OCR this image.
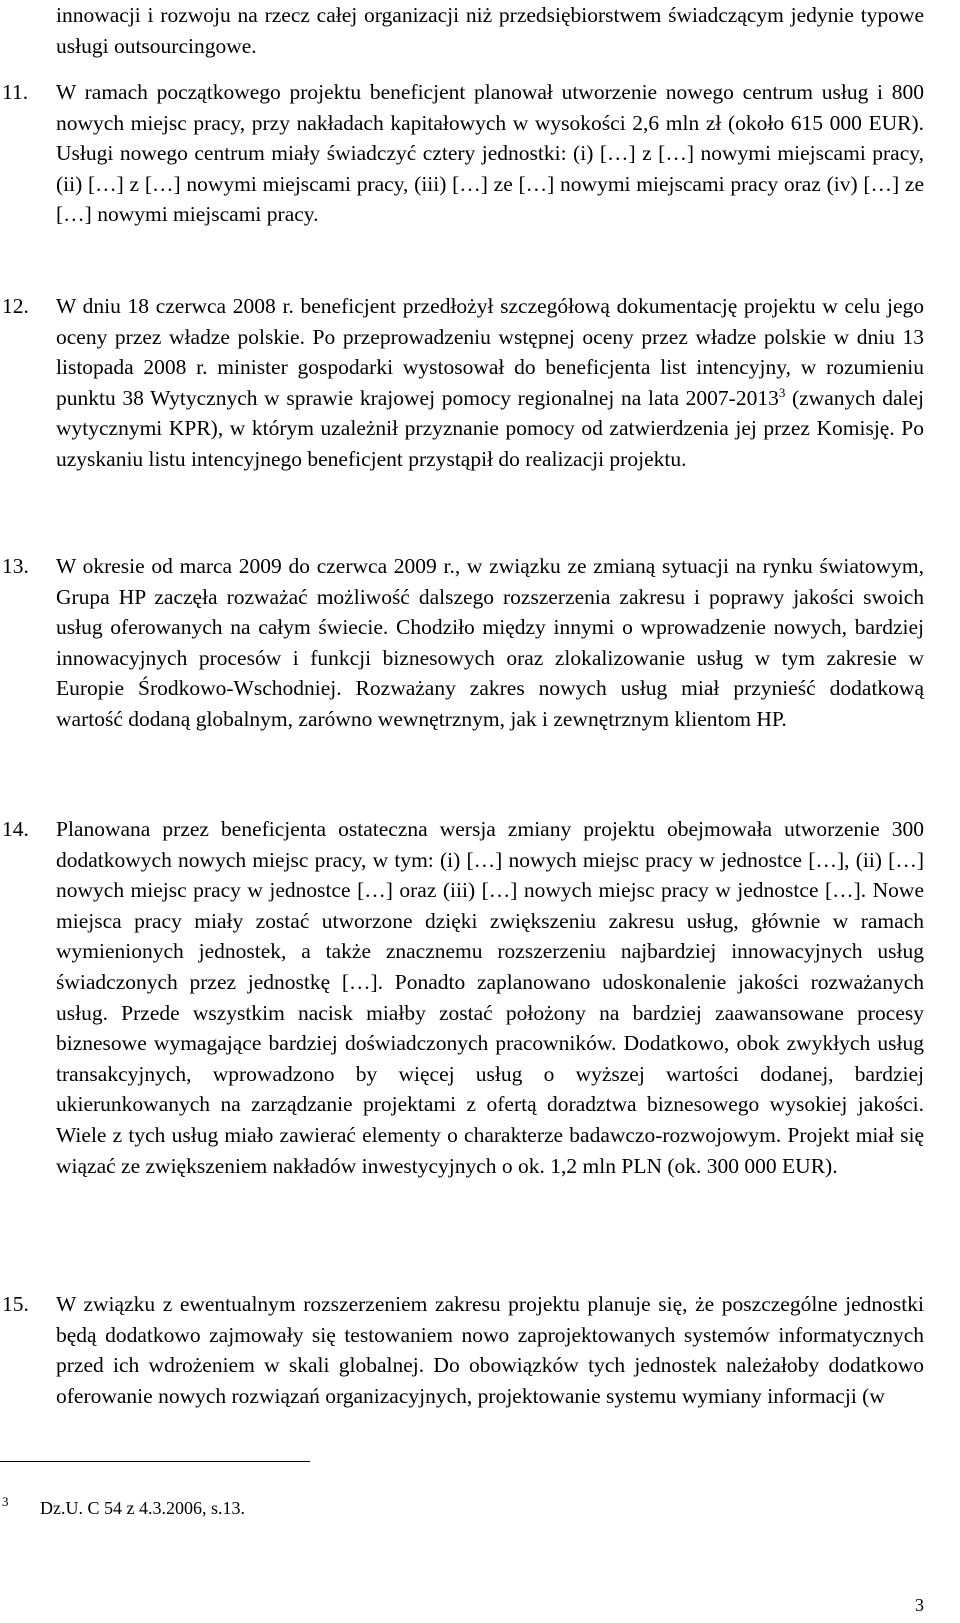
innowacji i rozwoju na rzecz całej organizacji niż przedsiębiorstwem świadczącym jedynie typowe usługi outsourcingowe.
11.	W ramach początkowego projektu beneficjent planował utworzenie nowego centrum usług i 800 nowych miejsc pracy, przy nakładach kapitałowych w wysokości 2,6 mln zł (około 615 000 EUR). Usługi nowego centrum miały świadczyć cztery jednostki: (i) […] z […] nowymi miejscami pracy, (ii) […] z […] nowymi miejscami pracy, (iii) […] ze […] nowymi miejscami pracy oraz (iv) […] ze […] nowymi miejscami pracy.
12.	W dniu 18 czerwca 2008 r. beneficjent przedłożył szczegółową dokumentację projektu w celu jego oceny przez władze polskie. Po przeprowadzeniu wstępnej oceny przez władze polskie w dniu 13 listopada 2008 r. minister gospodarki wystosował do beneficjenta list intencyjny, w rozumieniu punktu 38 Wytycznych w sprawie krajowej pomocy regionalnej na lata 2007-2013$^3$ (zwanych dalej wytycznymi KPR), w którym uzależnił przyznanie pomocy od zatwierdzenia jej przez Komisję. Po uzyskaniu listu intencyjnego beneficjent przystąpił do realizacji projektu.
13.	W okresie od marca 2009 do czerwca 2009 r., w związku ze zmianą sytuacji na rynku światowym, Grupa HP zaczęła rozważać możliwość dalszego rozszerzenia zakresu i poprawy jakości swoich usług oferowanych na całym świecie. Chodziło między innymi o wprowadzenie nowych, bardziej innowacyjnych procesów i funkcji biznesowych oraz zlokalizowanie usług w tym zakresie w Europie Środkowo-Wschodniej. Rozważany zakres nowych usług miał przynieść dodatkową wartość dodaną globalnym, zarówno wewnętrznym, jak i zewnętrznym klientom HP.
14.	Planowana przez beneficjenta ostateczna wersja zmiany projektu obejmowała utworzenie 300 dodatkowych nowych miejsc pracy, w tym: (i) […] nowych miejsc pracy w jednostce […], (ii) […] nowych miejsc pracy w jednostce […] oraz (iii) […] nowych miejsc pracy w jednostce […]. Nowe miejsca pracy miały zostać utworzone dzięki zwiększeniu zakresu usług, głównie w ramach wymienionych jednostek, a także znacznemu rozszerzeniu najbardziej innowacyjnych usług świadczonych przez jednostkę […]. Ponadto zaplanowano udoskonalenie jakości rozważanych usług. Przede wszystkim nacisk miałby zostać położony na bardziej zaawansowane procesy biznesowe wymagające bardziej doświadczonych pracowników. Dodatkowo, obok zwykłych usług transakcyjnych, wprowadzono by więcej usług o wyższej wartości dodanej, bardziej ukierunkowanych na zarządzanie projektami z ofertą doradztwa biznesowego wysokiej jakości. Wiele z tych usług miało zawierać elementy o charakterze badawczo-rozwojowym. Projekt miał się wiązać ze zwiększeniem nakładów inwestycyjnych o ok. 1,2 mln PLN (ok. 300 000 EUR).
15.	W związku z ewentualnym rozszerzeniem zakresu projektu planuje się, że poszczególne jednostki będą dodatkowo zajmowały się testowaniem nowo zaprojektowanych systemów informatycznych przed ich wdrożeniem w skali globalnej. Do obowiązków tych jednostek należałoby dodatkowo oferowanie nowych rozwiązań organizacyjnych, projektowanie systemu wymiany informacji (w
3 Dz.U. C 54 z 4.3.2006, s.13.
3
